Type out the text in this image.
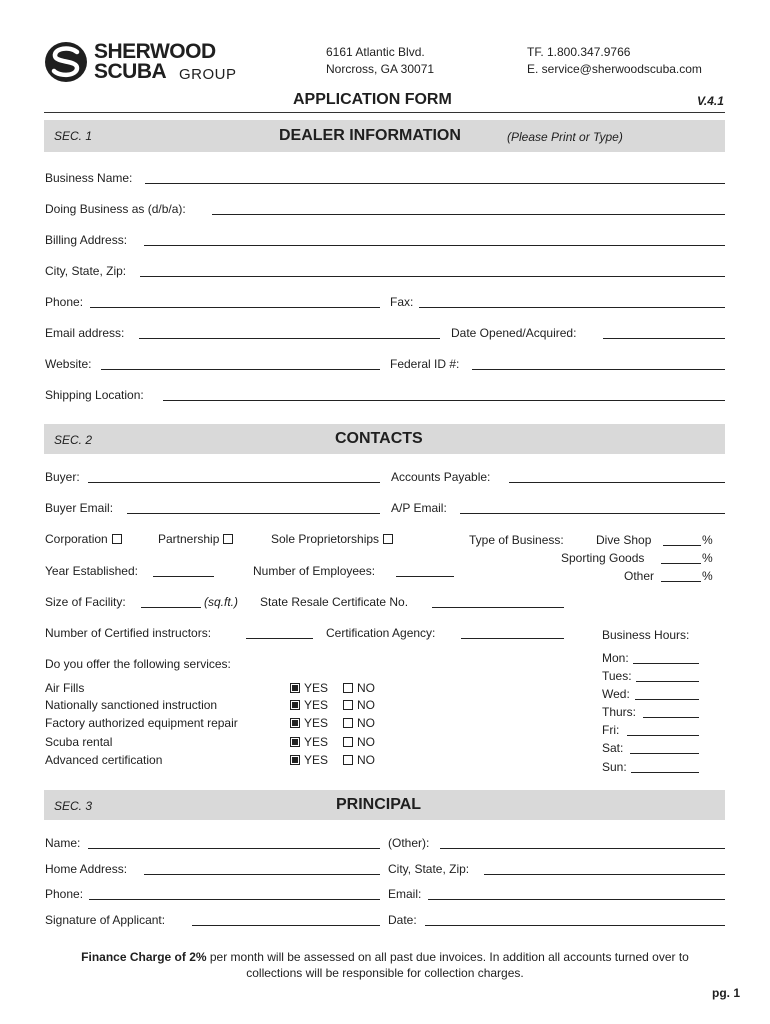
SHERWOOD
SCUBA GROUP
6161 Atlantic Blvd.
Norcross, GA 30071
TF. 1.800.347.9766
E. service@sherwoodscuba.com
APPLICATION FORM	V.4.1
SEC. 1	DEALER INFORMATION	(Please Print or Type)
Business Name:
Doing Business as (d/b/a):
Billing Address:
City, State, Zip:
Phone:	Fax:
Email address:	Date Opened/Acquired:
Website:	Federal ID #:
Shipping Location:
SEC. 2	CONTACTS
Buyer:	Accounts Payable:
Buyer Email:	A/P Email:
Corporation	Partnership	Sole Proprietorships	Type of Business:	Dive Shop	%
Sporting Goods	%
Other	%
Year Established:	Number of Employees:
Size of Facility:	(sq.ft.) State Resale Certificate No.
Number of Certified instructors:	Certification Agency:	Business Hours:
Mon:
Tues:
Wed:
Thurs:
Fri:
Sat:
Sun:
Do you offer the following services:
Air Fills	YES	NO
Nationally sanctioned instruction	YES	NO
Factory authorized equipment repair	YES	NO
Scuba rental	YES	NO
Advanced certification	YES	NO
SEC. 3	PRINCIPAL
Name:	(Other):
Home Address:	City, State, Zip:
Phone:	Email:
Signature of Applicant:	Date:
Finance Charge of 2% per month will be assessed on all past due invoices. In addition all accounts turned over to collections will be responsible for collection charges.
pg. 1
